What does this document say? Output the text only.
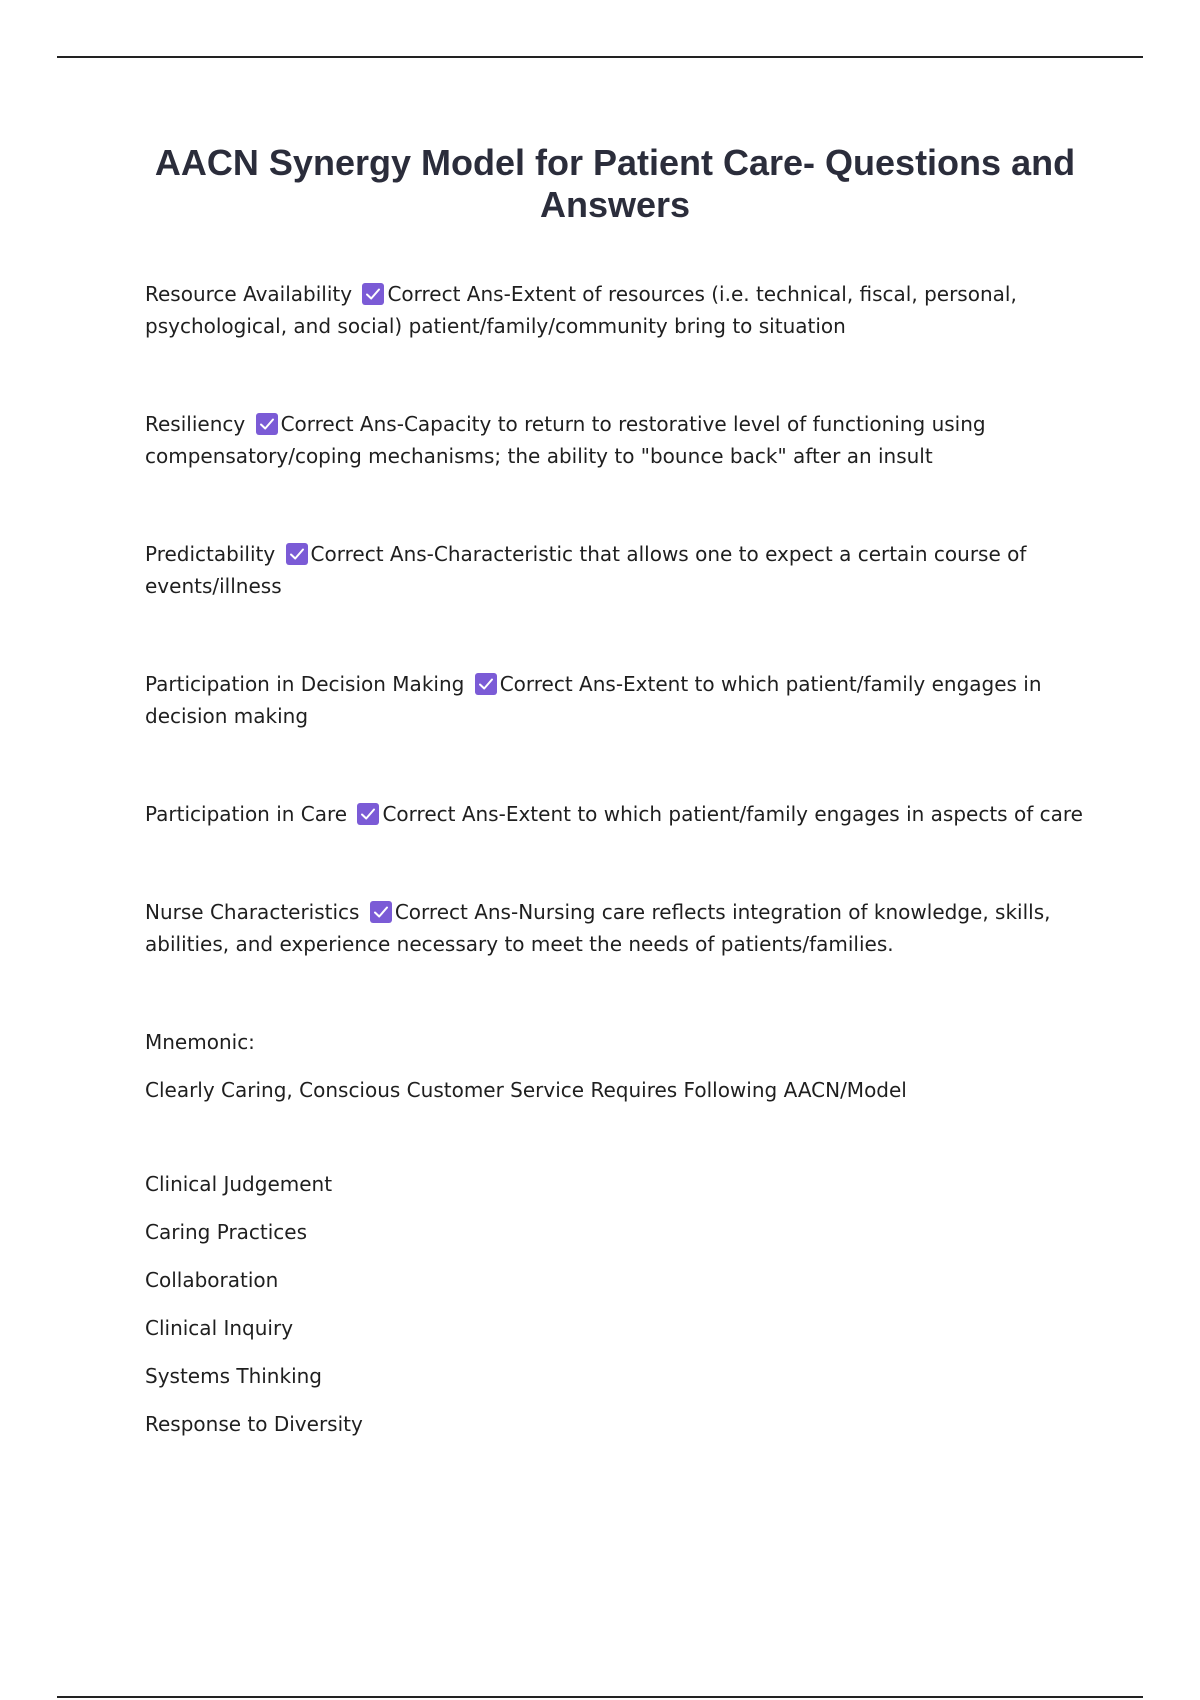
AACN Synergy Model for Patient Care- Questions and Answers

Resource Availability Correct Ans-Extent of resources (i.e. technical, fiscal, personal, psychological, and social) patient/family/community bring to situation

Resiliency Correct Ans-Capacity to return to restorative level of functioning using compensatory/coping mechanisms; the ability to "bounce back" after an insult

Predictability Correct Ans-Characteristic that allows one to expect a certain course of events/illness

Participation in Decision Making Correct Ans-Extent to which patient/family engages in decision making

Participation in Care Correct Ans-Extent to which patient/family engages in aspects of care

Nurse Characteristics Correct Ans-Nursing care reflects integration of knowledge, skills, abilities, and experience necessary to meet the needs of patients/families.

Mnemonic:

Clearly Caring, Conscious Customer Service Requires Following AACN/Model

Clinical Judgement

Caring Practices

Collaboration

Clinical Inquiry

Systems Thinking

Response to Diversity
